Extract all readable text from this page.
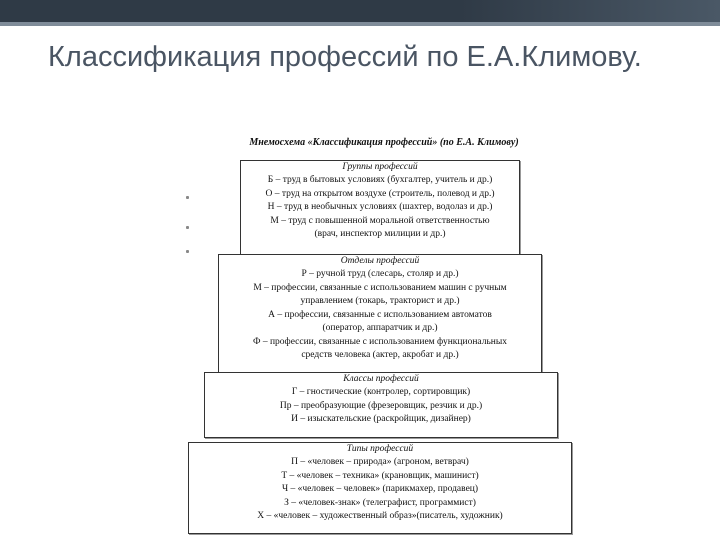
Классификация профессий по Е.А.Климову.
Мнемосхема «Классификация профессий» (по Е.А. Климову)
Группы профессий
Б – труд в бытовых условиях (бухгалтер, учитель и др.)
О – труд на открытом воздухе (строитель, полевод и др.)
Н – труд в необычных условиях (шахтер, водолаз и др.)
М – труд с повышенной моральной ответственностью
(врач, инспектор милиции и др.)
Отделы профессий
Р – ручной труд (слесарь, столяр и др.)
М – профессии, связанные с использованием машин с ручным
управлением (токарь, тракторист и др.)
А – профессии, связанные с использованием автоматов
(оператор, аппаратчик и др.)
Ф – профессии, связанные с использованием функциональных
средств человека (актер, акробат и др.)
Классы профессий
Г – гностические (контролер, сортировщик)
Пр – преобразующие (фрезеровщик, резчик и др.)
И – изыскательские (раскройщик, дизайнер)
Типы профессий
П – «человек – природа» (агроном, ветврач)
Т – «человек – техника» (крановщик, машинист)
Ч – «человек – человек» (парикмахер, продавец)
З – «человек-знак» (телеграфист, программист)
Х – «человек – художественный образ»(писатель, художник)
